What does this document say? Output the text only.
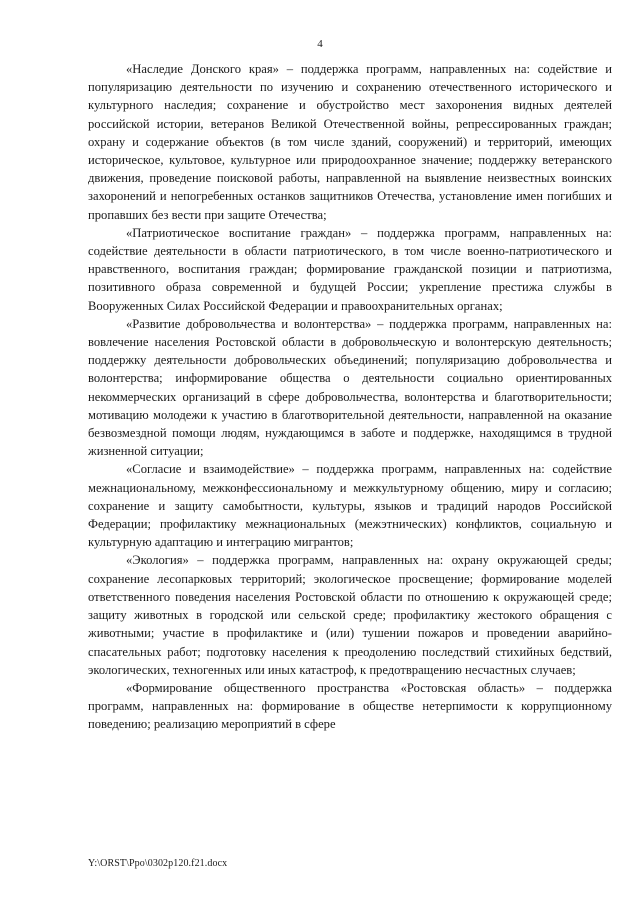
4

«Наследие Донского края» – поддержка программ, направленных на: содействие и популяризацию деятельности по изучению и сохранению отечественного исторического и культурного наследия; сохранение и обустройство мест захоронения видных деятелей российской истории, ветеранов Великой Отечественной войны, репрессированных граждан; охрану и содержание объектов (в том числе зданий, сооружений) и территорий, имеющих историческое, культовое, культурное или природоохранное значение; поддержку ветеранского движения, проведение поисковой работы, направленной на выявление неизвестных воинских захоронений и непогребенных останков защитников Отечества, установление имен погибших и пропавших без вести при защите Отечества;

«Патриотическое воспитание граждан» – поддержка программ, направленных на: содействие деятельности в области патриотического, в том числе военно-патриотического и нравственного, воспитания граждан; формирование гражданской позиции и патриотизма, позитивного образа современной и будущей России; укрепление престижа службы в Вооруженных Силах Российской Федерации и правоохранительных органах;

«Развитие добровольчества и волонтерства» – поддержка программ, направленных на: вовлечение населения Ростовской области в добровольческую и волонтерскую деятельность; поддержку деятельности добровольческих объединений; популяризацию добровольчества и волонтерства; информирование общества о деятельности социально ориентированных некоммерческих организаций в сфере добровольчества, волонтерства и благотворительности; мотивацию молодежи к участию в благотворительной деятельности, направленной на оказание безвозмездной помощи людям, нуждающимся в заботе и поддержке, находящимся в трудной жизненной ситуации;

«Согласие и взаимодействие» – поддержка программ, направленных на: содействие межнациональному, межконфессиональному и межкультурному общению, миру и согласию; сохранение и защиту самобытности, культуры, языков и традиций народов Российской Федерации; профилактику межнациональных (межэтнических) конфликтов, социальную и культурную адаптацию и интеграцию мигрантов;

«Экология» – поддержка программ, направленных на: охрану окружающей среды; сохранение лесопарковых территорий; экологическое просвещение; формирование моделей ответственного поведения населения Ростовской области по отношению к окружающей среде; защиту животных в городской или сельской среде; профилактику жестокого обращения с животными; участие в профилактике и (или) тушении пожаров и проведении аварийно-спасательных работ; подготовку населения к преодолению последствий стихийных бедствий, экологических, техногенных или иных катастроф, к предотвращению несчастных случаев;

«Формирование общественного пространства «Ростовская область» – поддержка программ, направленных на: формирование в обществе нетерпимости к коррупционному поведению; реализацию мероприятий в сфере

Y:\ORST\Ppo\0302p120.f21.docx
